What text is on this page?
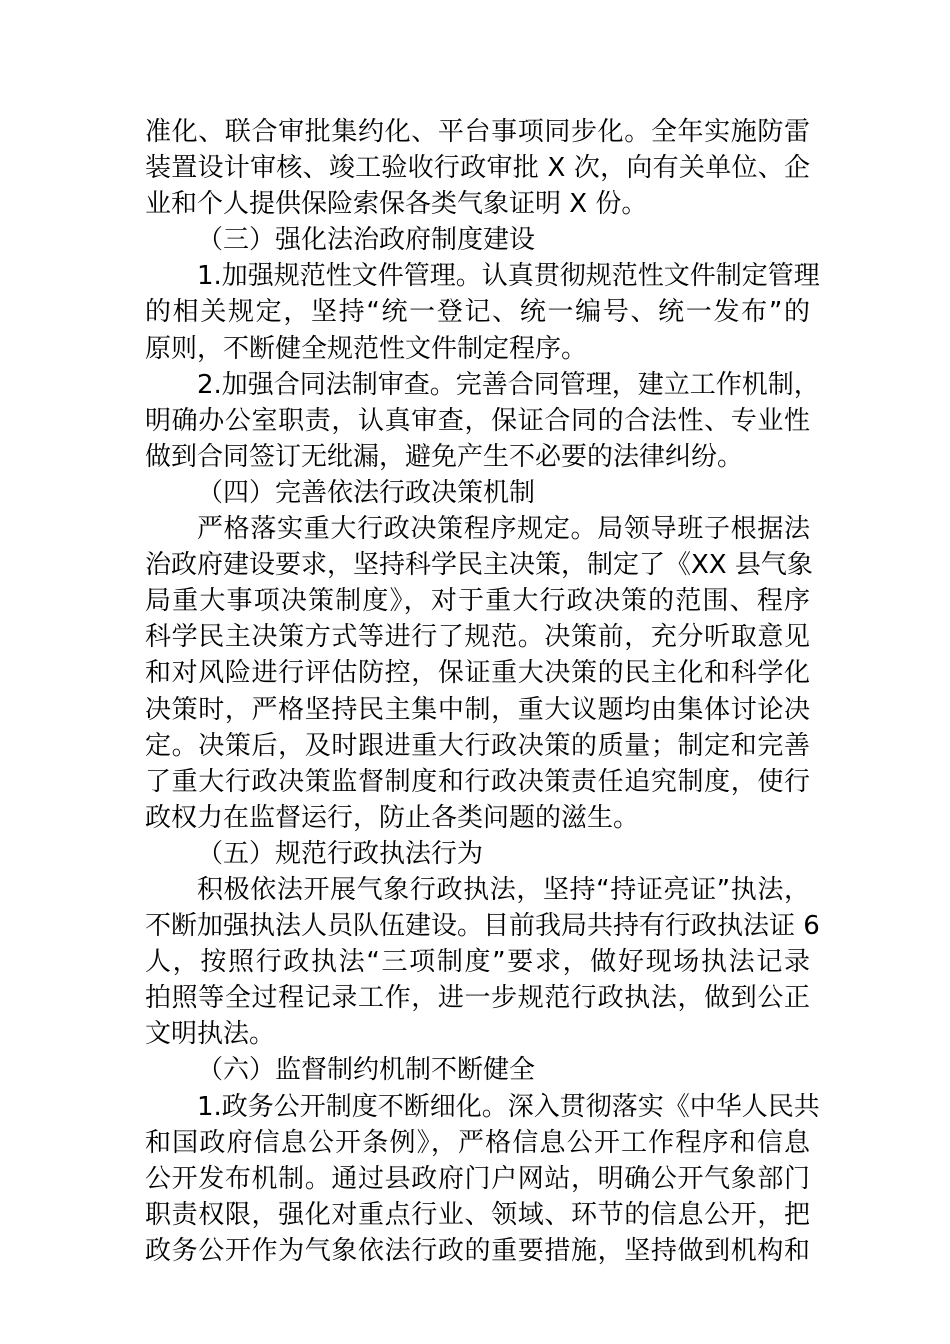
准化、联合审批集约化、平台事项同步化。全年实施防雷
装置设计审核、竣工验收行政审批 X 次，向有关单位、企
业和个人提供保险索保各类气象证明 X 份。
（三）强化法治政府制度建设
1.加强规范性文件管理。认真贯彻规范性文件制定管理
的相关规定，坚持“统一登记、统一编号、统一发布”的
原则，不断健全规范性文件制定程序。
2.加强合同法制审查。完善合同管理，建立工作机制，
明确办公室职责，认真审查，保证合同的合法性、专业性
做到合同签订无纰漏，避免产生不必要的法律纠纷。
（四）完善依法行政决策机制
严格落实重大行政决策程序规定。局领导班子根据法
治政府建设要求，坚持科学民主决策，制定了《XX 县气象
局重大事项决策制度》，对于重大行政决策的范围、程序
科学民主决策方式等进行了规范。决策前，充分听取意见
和对风险进行评估防控，保证重大决策的民主化和科学化
决策时，严格坚持民主集中制，重大议题均由集体讨论决
定。决策后，及时跟进重大行政决策的质量；制定和完善
了重大行政决策监督制度和行政决策责任追究制度，使行
政权力在监督运行，防止各类问题的滋生。
（五）规范行政执法行为
积极依法开展气象行政执法，坚持“持证亮证”执法，
不断加强执法人员队伍建设。目前我局共持有行政执法证 6
人，按照行政执法“三项制度”要求，做好现场执法记录
拍照等全过程记录工作，进一步规范行政执法，做到公正
文明执法。
（六）监督制约机制不断健全
1.政务公开制度不断细化。深入贯彻落实《中华人民共
和国政府信息公开条例》，严格信息公开工作程序和信息
公开发布机制。通过县政府门户网站，明确公开气象部门
职责权限，强化对重点行业、领域、环节的信息公开，把
政务公开作为气象依法行政的重要措施，坚持做到机构和
